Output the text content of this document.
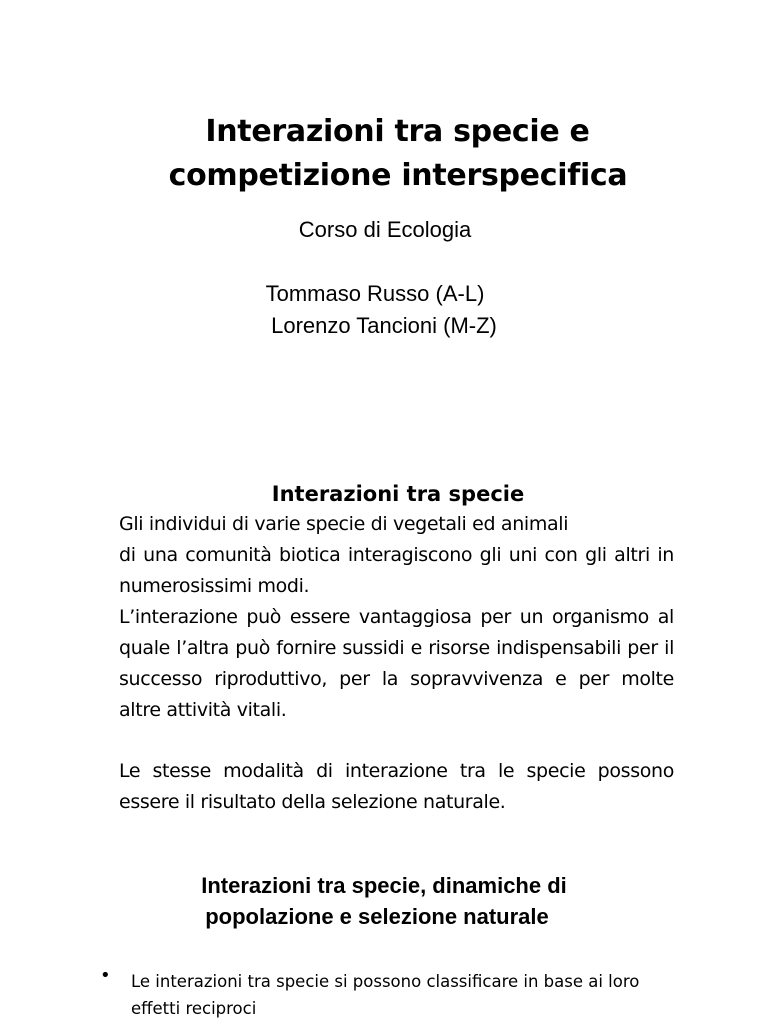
Interazioni tra specie e
competizione interspecifica
Corso di Ecologia
Tommaso Russo (A-L)
Lorenzo Tancioni (M-Z)
Interazioni tra specie

Gli individui di varie specie di vegetali ed animali

di una comunità biotica interagiscono gli uni con gli altri in numerosissimi modi.

L’interazione può essere vantaggiosa per un organismo al quale l’altra può fornire sussidi e risorse indispensabili per il successo riproduttivo, per la sopravvivenza e per molte altre attività vitali.

Le stesse modalità di interazione tra le specie possono essere il risultato della selezione naturale.

Interazioni tra specie, dinamiche di
popolazione e selezione naturale
• Le interazioni tra specie si possono classificare in base ai loro effetti reciproci
